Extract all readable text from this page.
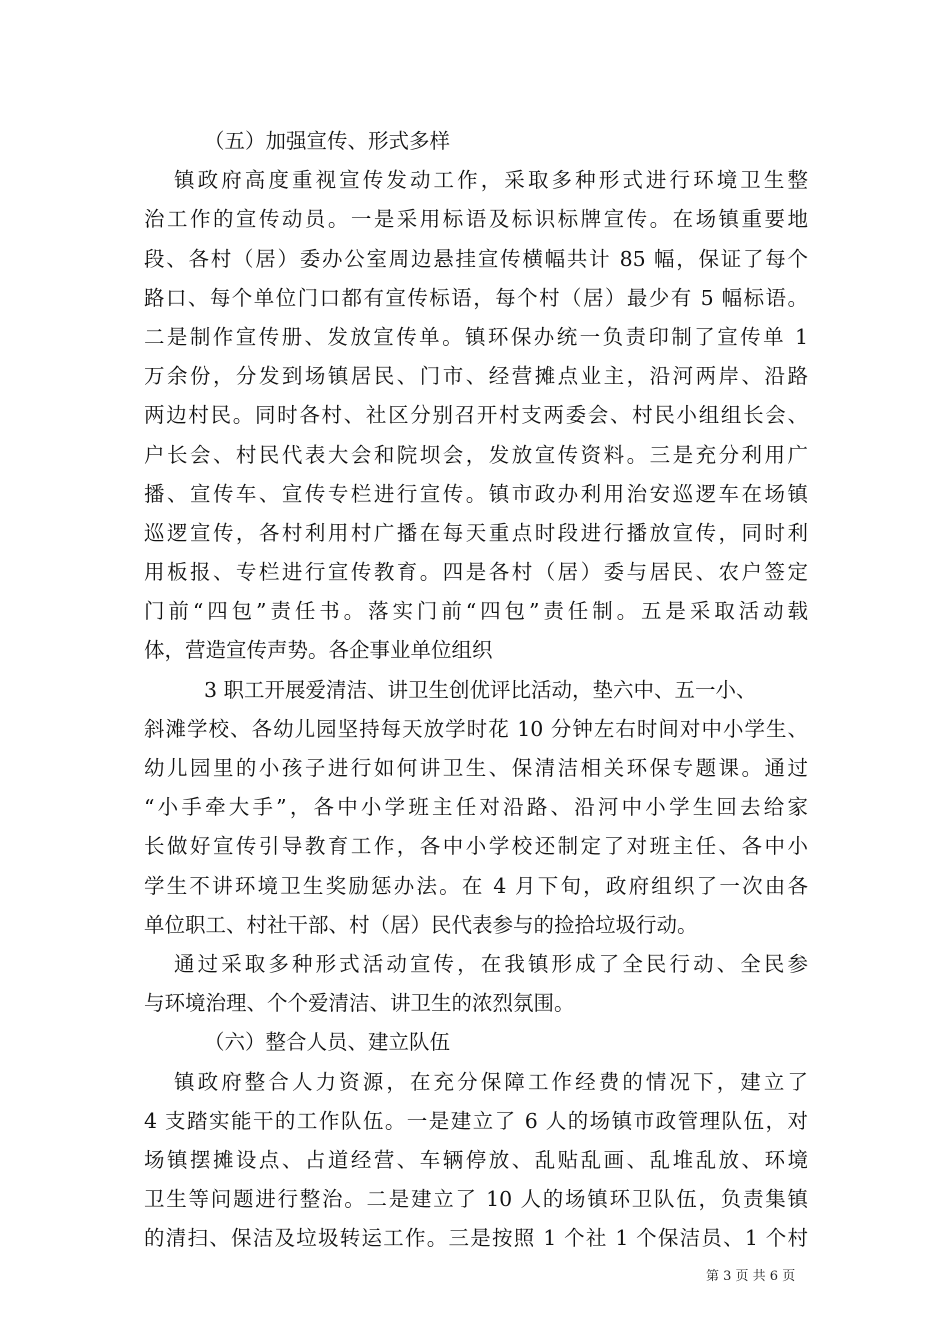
（五）加强宣传、形式多样
镇政府高度重视宣传发动工作，采取多种形式进行环境卫生整
治工作的宣传动员。一是采用标语及标识标牌宣传。在场镇重要地
段、各村（居）委办公室周边悬挂宣传横幅共计 85 幅，保证了每个
路口、每个单位门口都有宣传标语，每个村（居）最少有 5 幅标语。
二是制作宣传册、发放宣传单。镇环保办统一负责印制了宣传单 1
万余份，分发到场镇居民、门市、经营摊点业主，沿河两岸、沿路
两边村民。同时各村、社区分别召开村支两委会、村民小组组长会、
户长会、村民代表大会和院坝会，发放宣传资料。三是充分利用广
播、宣传车、宣传专栏进行宣传。镇市政办利用治安巡逻车在场镇
巡逻宣传，各村利用村广播在每天重点时段进行播放宣传，同时利
用板报、专栏进行宣传教育。四是各村（居）委与居民、农户签定
门前“四包”责任书。落实门前“四包”责任制。五是采取活动载
体，营造宣传声势。各企事业单位组织
3 职工开展爱清洁、讲卫生创优评比活动，垫六中、五一小、
斜滩学校、各幼儿园坚持每天放学时花 10 分钟左右时间对中小学生、
幼儿园里的小孩子进行如何讲卫生、保清洁相关环保专题课。通过
“小手牵大手”，各中小学班主任对沿路、沿河中小学生回去给家
长做好宣传引导教育工作，各中小学校还制定了对班主任、各中小
学生不讲环境卫生奖励惩办法。在 4 月下旬，政府组织了一次由各
单位职工、村社干部、村（居）民代表参与的捡拾垃圾行动。
通过采取多种形式活动宣传，在我镇形成了全民行动、全民参
与环境治理、个个爱清洁、讲卫生的浓烈氛围。
（六）整合人员、建立队伍
镇政府整合人力资源，在充分保障工作经费的情况下，建立了
4 支踏实能干的工作队伍。一是建立了 6 人的场镇市政管理队伍，对
场镇摆摊设点、占道经营、车辆停放、乱贴乱画、乱堆乱放、环境
卫生等问题进行整治。二是建立了 10 人的场镇环卫队伍，负责集镇
的清扫、保洁及垃圾转运工作。三是按照 1 个社 1 个保洁员、1 个村
第 3 页 共 6 页
